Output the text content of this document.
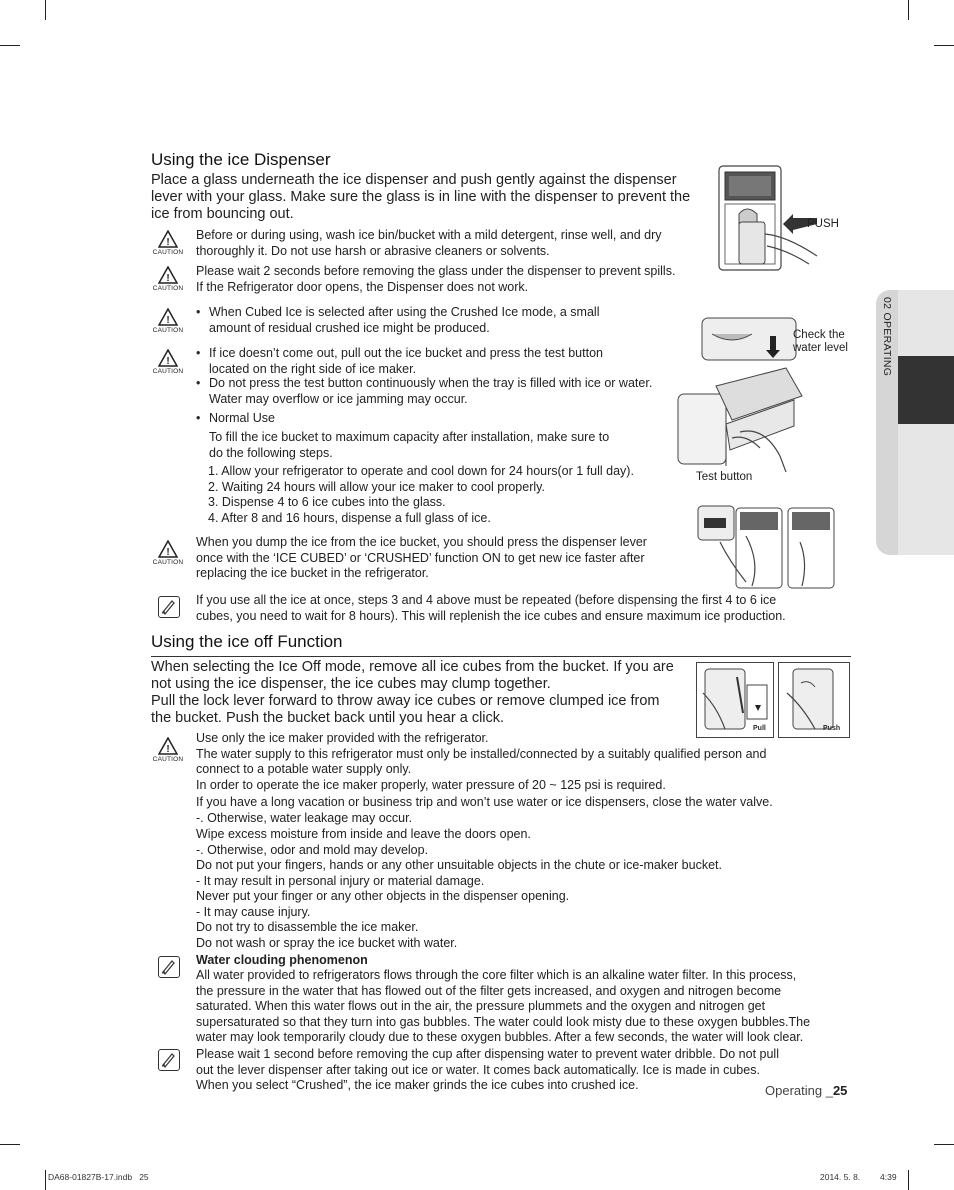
02 OPERATING
Using the ice Dispenser
Place a glass underneath the ice dispenser and push gently against the dispenser
lever with your glass. Make sure the glass is in line with the dispenser to prevent the
ice from bouncing out.
!
CAUTION
Before or during using, wash ice bin/bucket with a mild detergent, rinse well, and dry
thoroughly it. Do not use harsh or abrasive cleaners or solvents.
!
CAUTION
Please wait 2 seconds before removing the glass under the dispenser to prevent spills.
If the Refrigerator door opens, the Dispenser does not work.
!
CAUTION
• When Cubed Ice is selected after using the Crushed Ice mode, a small
amount of residual crushed ice might be produced.
!
CAUTION
• If ice doesn’t come out, pull out the ice bucket and press the test button
located on the right side of ice maker.
• Do not press the test button continuously when the tray is filled with ice or water.
Water may overflow or ice jamming may occur.
• Normal Use
To fill the ice bucket to maximum capacity after installation, make sure to
do the following steps.
1. Allow your refrigerator to operate and cool down for 24 hours(or 1 full day).
2. Waiting 24 hours will allow your ice maker to cool properly.
3. Dispense 4 to 6 ice cubes into the glass.
4. After 8 and 16 hours, dispense a full glass of ice.
!
CAUTION
When you dump the ice from the ice bucket, you should press the dispenser lever
once with the ‘ICE CUBED’ or ‘CRUSHED’ function ON to get new ice faster after
replacing the ice bucket in the refrigerator.
If you use all the ice at once, steps 3 and 4 above must be repeated (before dispensing the first 4 to 6 ice
cubes, you need to wait for 8 hours). This will replenish the ice cubes and ensure maximum ice production.
PUSH
Check the
water level
Test button
Using the ice off Function
When selecting the Ice Off mode, remove all ice cubes from the bucket. If you are
not using the ice dispenser, the ice cubes may clump together.
Pull the lock lever forward to throw away ice cubes or remove clumped ice from
the bucket. Push the bucket back until you hear a click.
Pull	Push
!
CAUTION
Use only the ice maker provided with the refrigerator.
The water supply to this refrigerator must only be installed/connected by a suitably qualified person and
connect to a potable water supply only.
In order to operate the ice maker properly, water pressure of 20 ~ 125 psi is required.
If you have a long vacation or business trip and won’t use water or ice dispensers, close the water valve.
-. Otherwise, water leakage may occur.
Wipe excess moisture from inside and leave the doors open.
-. Otherwise, odor and mold may develop.
Do not put your fingers, hands or any other unsuitable objects in the chute or ice-maker bucket.
- It may result in personal injury or material damage.
Never put your finger or any other objects in the dispenser opening.
- It may cause injury.
Do not try to disassemble the ice maker.
Do not wash or spray the ice bucket with water.
Water clouding phenomenon
All water provided to refrigerators flows through the core filter which is an alkaline water filter. In this process,
the pressure in the water that has flowed out of the filter gets increased, and oxygen and nitrogen become
saturated. When this water flows out in the air, the pressure plummets and the oxygen and nitrogen get
supersaturated so that they turn into gas bubbles. The water could look misty due to these oxygen bubbles.The
water may look temporarily cloudy due to these oxygen bubbles. After a few seconds, the water will look clear.
Please wait 1 second before removing the cup after dispensing water to prevent water dribble. Do not pull
out the lever dispenser after taking out ice or water. It comes back automatically. Ice is made in cubes.
When you select “Crushed”, the ice maker grinds the ice cubes into crushed ice.	Operating _25
DA68-01827B-17.indb   25	2014. 5. 8. 4:39
